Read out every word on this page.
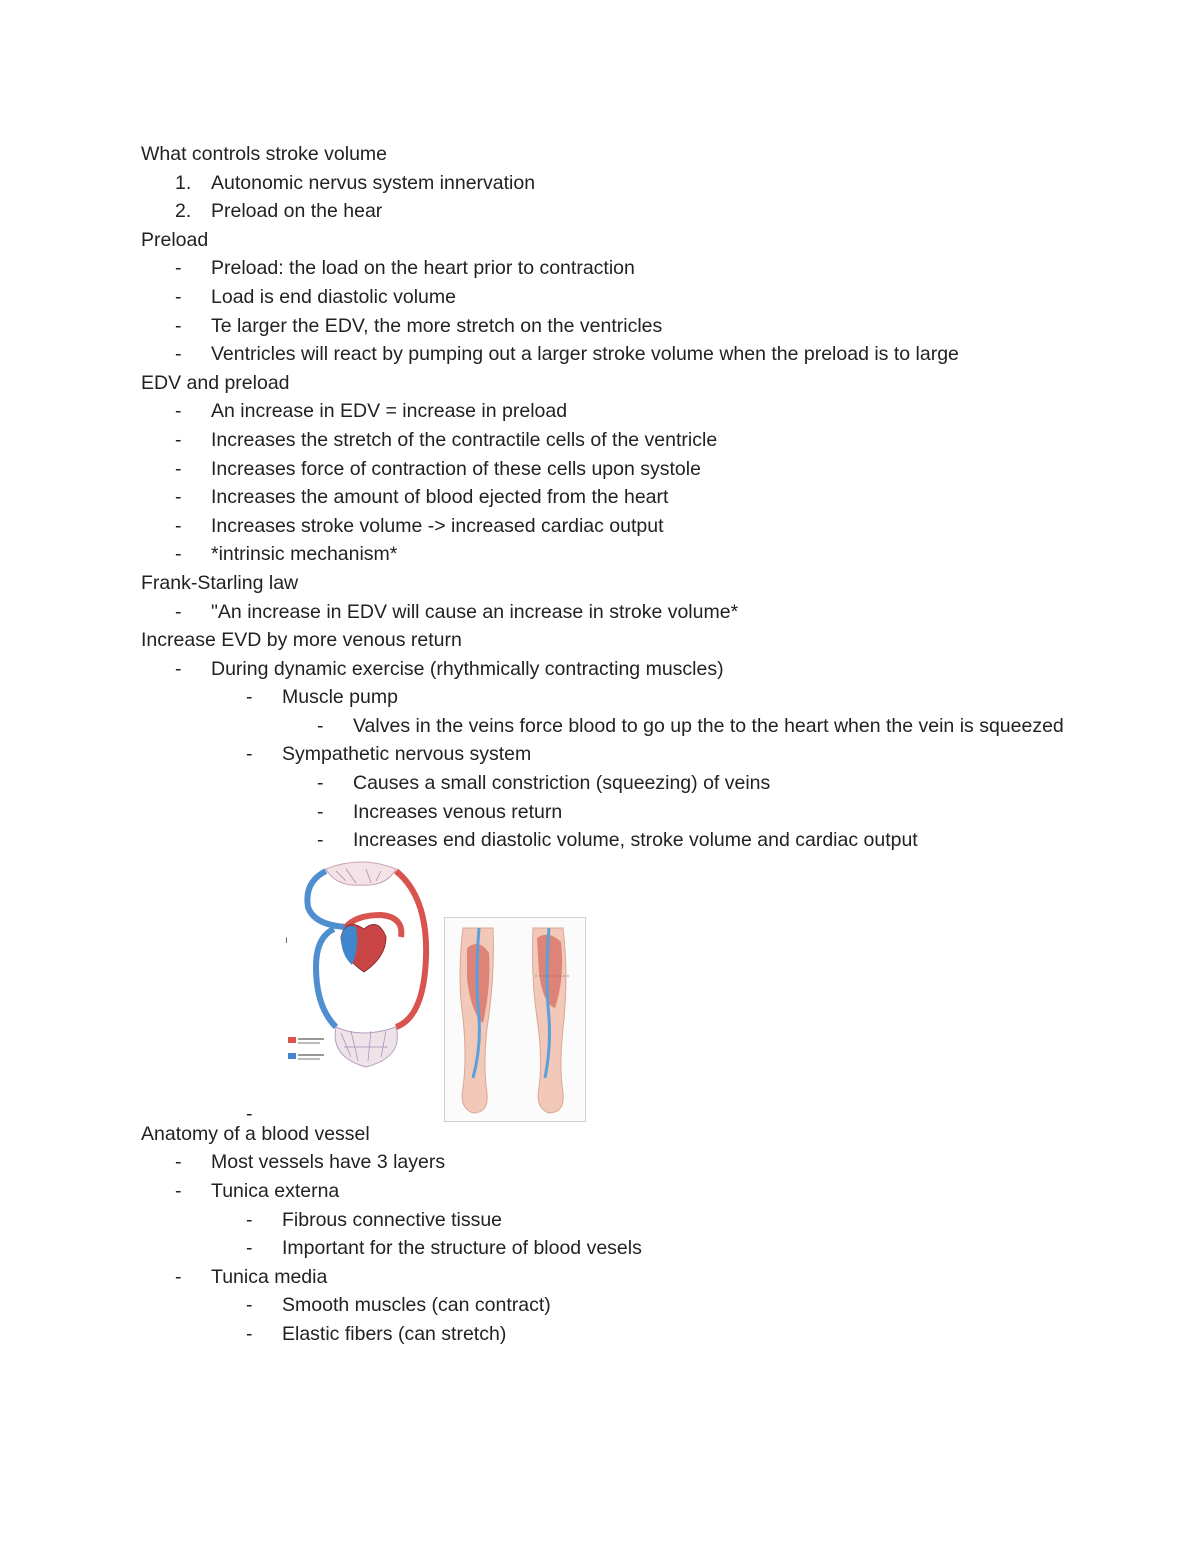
What controls stroke volume
1.	Autonomic nervus system innervation
2.	Preload on the hear
Preload
-	Preload: the load on the heart prior to contraction
-	Load is end diastolic volume
-	Te larger the EDV, the more stretch on the ventricles
-	Ventricles will react by pumping out a larger stroke volume when the preload is to large
EDV and preload
-	An increase in EDV = increase in preload
-	Increases the stretch of the contractile cells of the ventricle
-	Increases force of contraction of these cells upon systole
-	Increases the amount of blood ejected from the heart
-	Increases stroke volume -> increased cardiac output
-	*intrinsic mechanism*
Frank-Starling law
-	"An increase in EDV will cause an increase in stroke volume*
Increase EVD by more venous return
-	During dynamic exercise (rhythmically contracting muscles)
-	Muscle pump
-	Valves in the veins force blood to go up the to the heart when the vein is squeezed
-	Sympathetic nervous system
-	Causes a small constriction (squeezing) of veins
-	Increases venous return
-	Increases end diastolic volume, stroke volume and cardiac output
ı
-
Anatomy of a blood vessel
-	Most vessels have 3 layers
-	Tunica externa
-	Fibrous connective tissue
-	Important for the structure of blood vesels
-	Tunica media
-	Smooth muscles (can contract)
-	Elastic fibers (can stretch)
